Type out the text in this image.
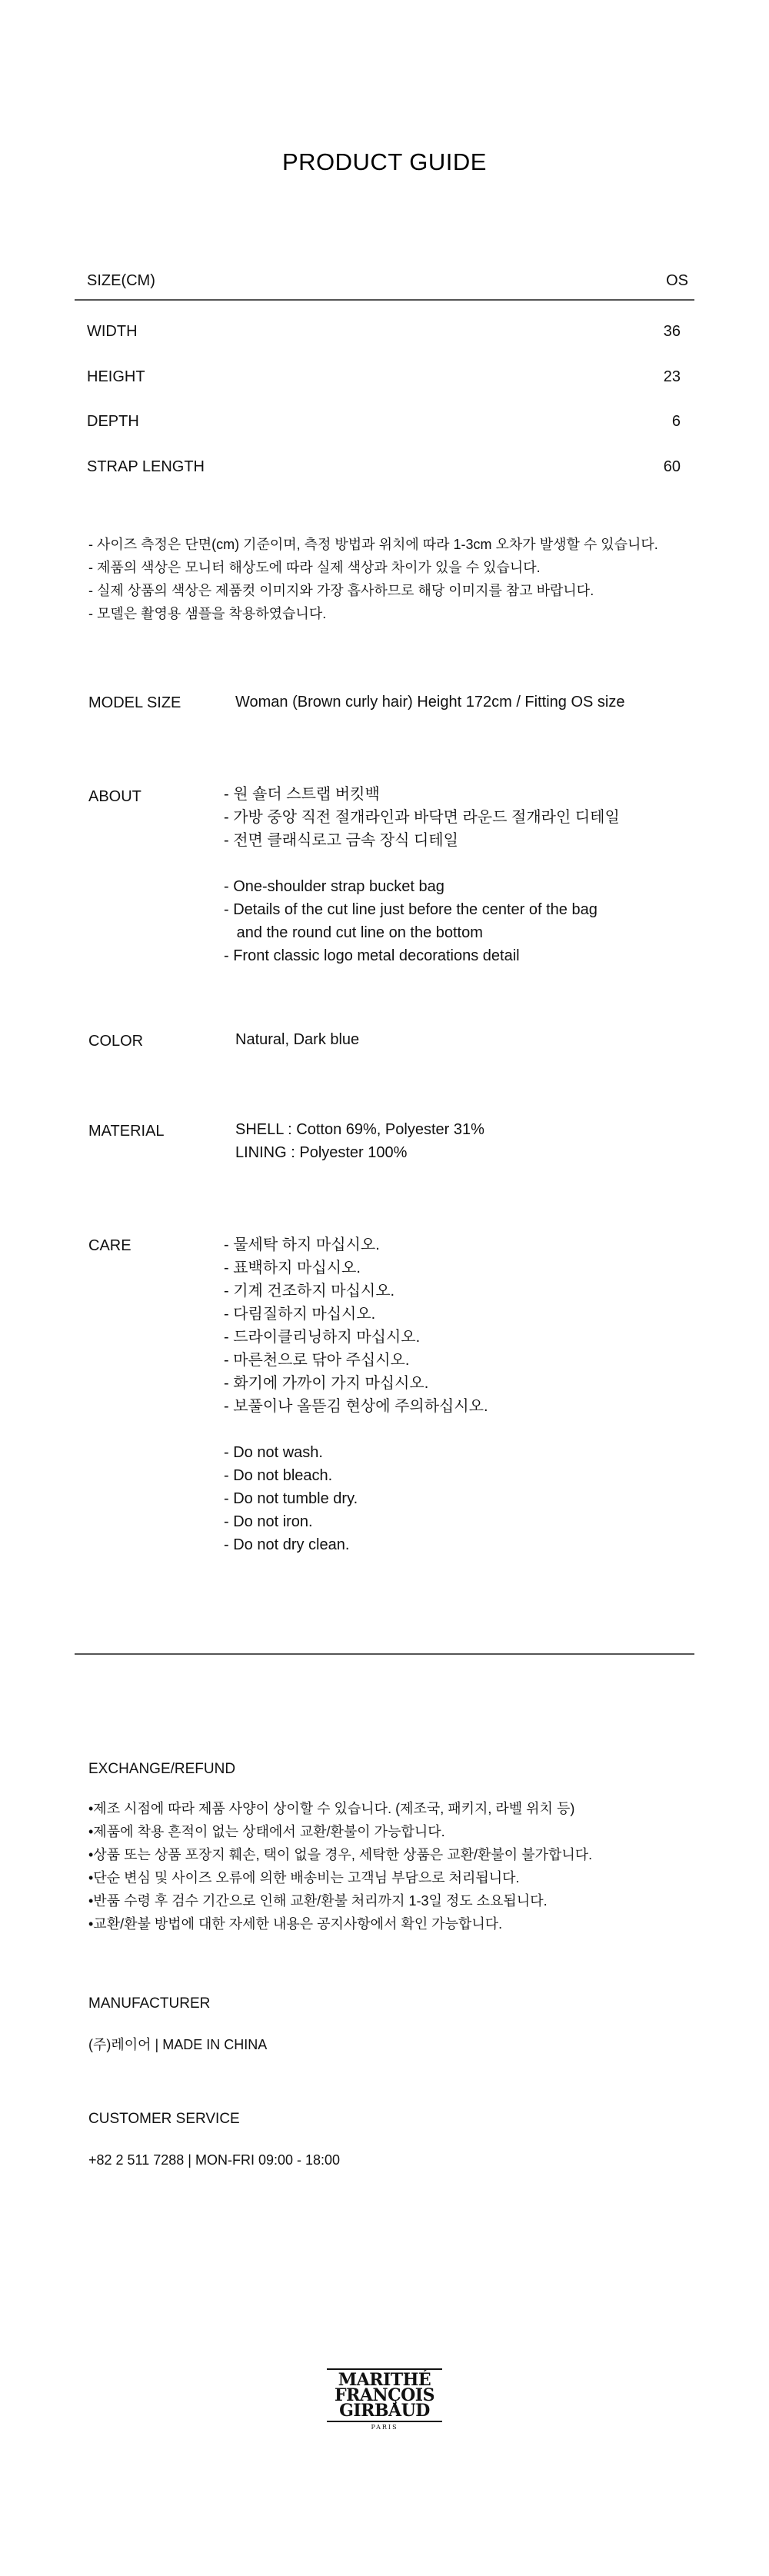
PRODUCT GUIDE
SIZE(CM)	OS
WIDTH	36
HEIGHT	23
DEPTH	6
STRAP LENGTH	60
- 사이즈 측정은 단면(cm) 기준이며, 측정 방법과 위치에 따라 1-3cm 오차가 발생할 수 있습니다.
- 제품의 색상은 모니터 해상도에 따라 실제 색상과 차이가 있을 수 있습니다.
- 실제 상품의 색상은 제품컷 이미지와 가장 흡사하므로 해당 이미지를 참고 바랍니다.
- 모델은 촬영용 샘플을 착용하였습니다.
MODEL SIZE	Woman (Brown curly hair) Height 172cm / Fitting OS size
ABOUT	- 원 숄더 스트랩 버킷백
- 가방 중앙 직전 절개라인과 바닥면 라운드 절개라인 디테일
- 전면 클래식로고 금속 장식 디테일
- One-shoulder strap bucket bag
- Details of the cut line just before the center of the bag
and the round cut line on the bottom
- Front classic logo metal decorations detail
COLOR	Natural, Dark blue
MATERIAL	SHELL : Cotton 69%, Polyester 31%
LINING : Polyester 100%
CARE	- 물세탁 하지 마십시오.
- 표백하지 마십시오.
- 기계 건조하지 마십시오.
- 다림질하지 마십시오.
- 드라이클리닝하지 마십시오.
- 마른천으로 닦아 주십시오.
- 화기에 가까이 가지 마십시오.
- 보풀이나 올뜯김 현상에 주의하십시오.
- Do not wash.
- Do not bleach.
- Do not tumble dry.
- Do not iron.
- Do not dry clean.
EXCHANGE/REFUND
•제조 시점에 따라 제품 사양이 상이할 수 있습니다. (제조국, 패키지, 라벨 위치 등)
•제품에 착용 흔적이 없는 상태에서 교환/환불이 가능합니다.
•상품 또는 상품 포장지 훼손, 택이 없을 경우, 세탁한 상품은 교환/환불이 불가합니다.
•단순 변심 및 사이즈 오류에 의한 배송비는 고객님 부담으로 처리됩니다.
•반품 수령 후 검수 기간으로 인해 교환/환불 처리까지 1-3일 정도 소요됩니다.
•교환/환불 방법에 대한 자세한 내용은 공지사항에서 확인 가능합니다.
MANUFACTURER
(주)레이어 | MADE IN CHINA
CUSTOMER SERVICE
+82 2 511 7288 | MON-FRI 09:00 - 18:00
MARITHÉ
FRANÇOIS
GIRBAUD
PARIS
